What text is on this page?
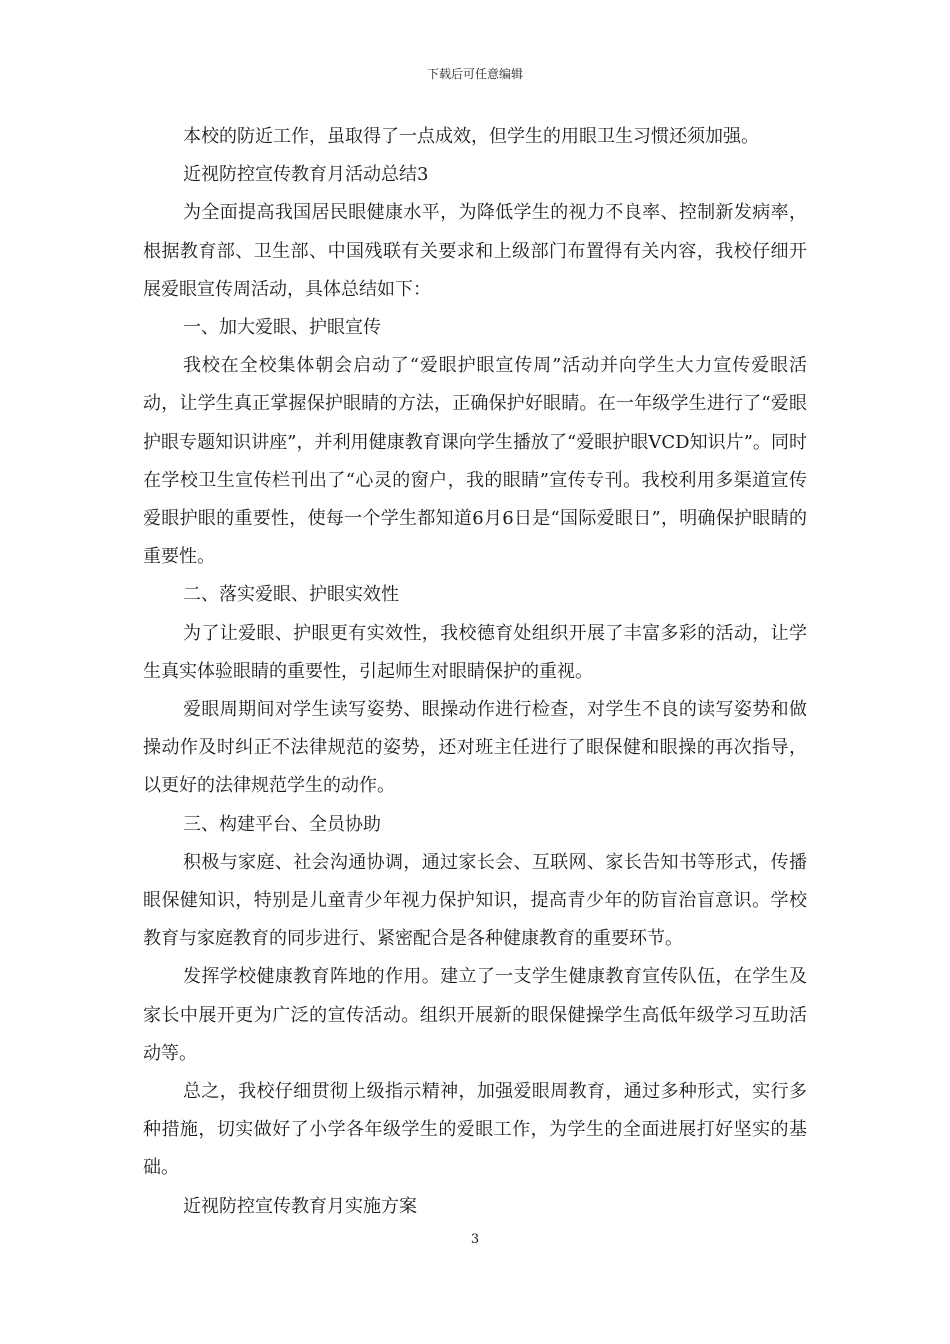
下载后可任意编辑

本校的防近工作，虽取得了一点成效，但学生的用眼卫生习惯还须加强。

近视防控宣传教育月活动总结3

为全面提高我国居民眼健康水平，为降低学生的视力不良率、控制新发病率，根据教育部、卫生部、中国残联有关要求和上级部门布置得有关内容，我校仔细开展爱眼宣传周活动，具体总结如下：

一、加大爱眼、护眼宣传

我校在全校集体朝会启动了“爱眼护眼宣传周”活动并向学生大力宣传爱眼活动，让学生真正掌握保护眼睛的方法，正确保护好眼睛。在一年级学生进行了“爱眼护眼专题知识讲座”，并利用健康教育课向学生播放了“爱眼护眼VCD知识片”。同时在学校卫生宣传栏刊出了“心灵的窗户，我的眼睛”宣传专刊。我校利用多渠道宣传爱眼护眼的重要性，使每一个学生都知道6月6日是“国际爱眼日”，明确保护眼睛的重要性。

二、落实爱眼、护眼实效性

为了让爱眼、护眼更有实效性，我校德育处组织开展了丰富多彩的活动，让学生真实体验眼睛的重要性，引起师生对眼睛保护的重视。

爱眼周期间对学生读写姿势、眼操动作进行检查，对学生不良的读写姿势和做操动作及时纠正不法律规范的姿势，还对班主任进行了眼保健和眼操的再次指导，以更好的法律规范学生的动作。

三、构建平台、全员协助

积极与家庭、社会沟通协调，通过家长会、互联网、家长告知书等形式，传播眼保健知识，特别是儿童青少年视力保护知识，提高青少年的防盲治盲意识。学校教育与家庭教育的同步进行、紧密配合是各种健康教育的重要环节。

发挥学校健康教育阵地的作用。建立了一支学生健康教育宣传队伍，在学生及家长中展开更为广泛的宣传活动。组织开展新的眼保健操学生高低年级学习互助活动等。

总之，我校仔细贯彻上级指示精神，加强爱眼周教育，通过多种形式，实行多种措施，切实做好了小学各年级学生的爱眼工作，为学生的全面进展打好坚实的基础。

近视防控宣传教育月实施方案

3
